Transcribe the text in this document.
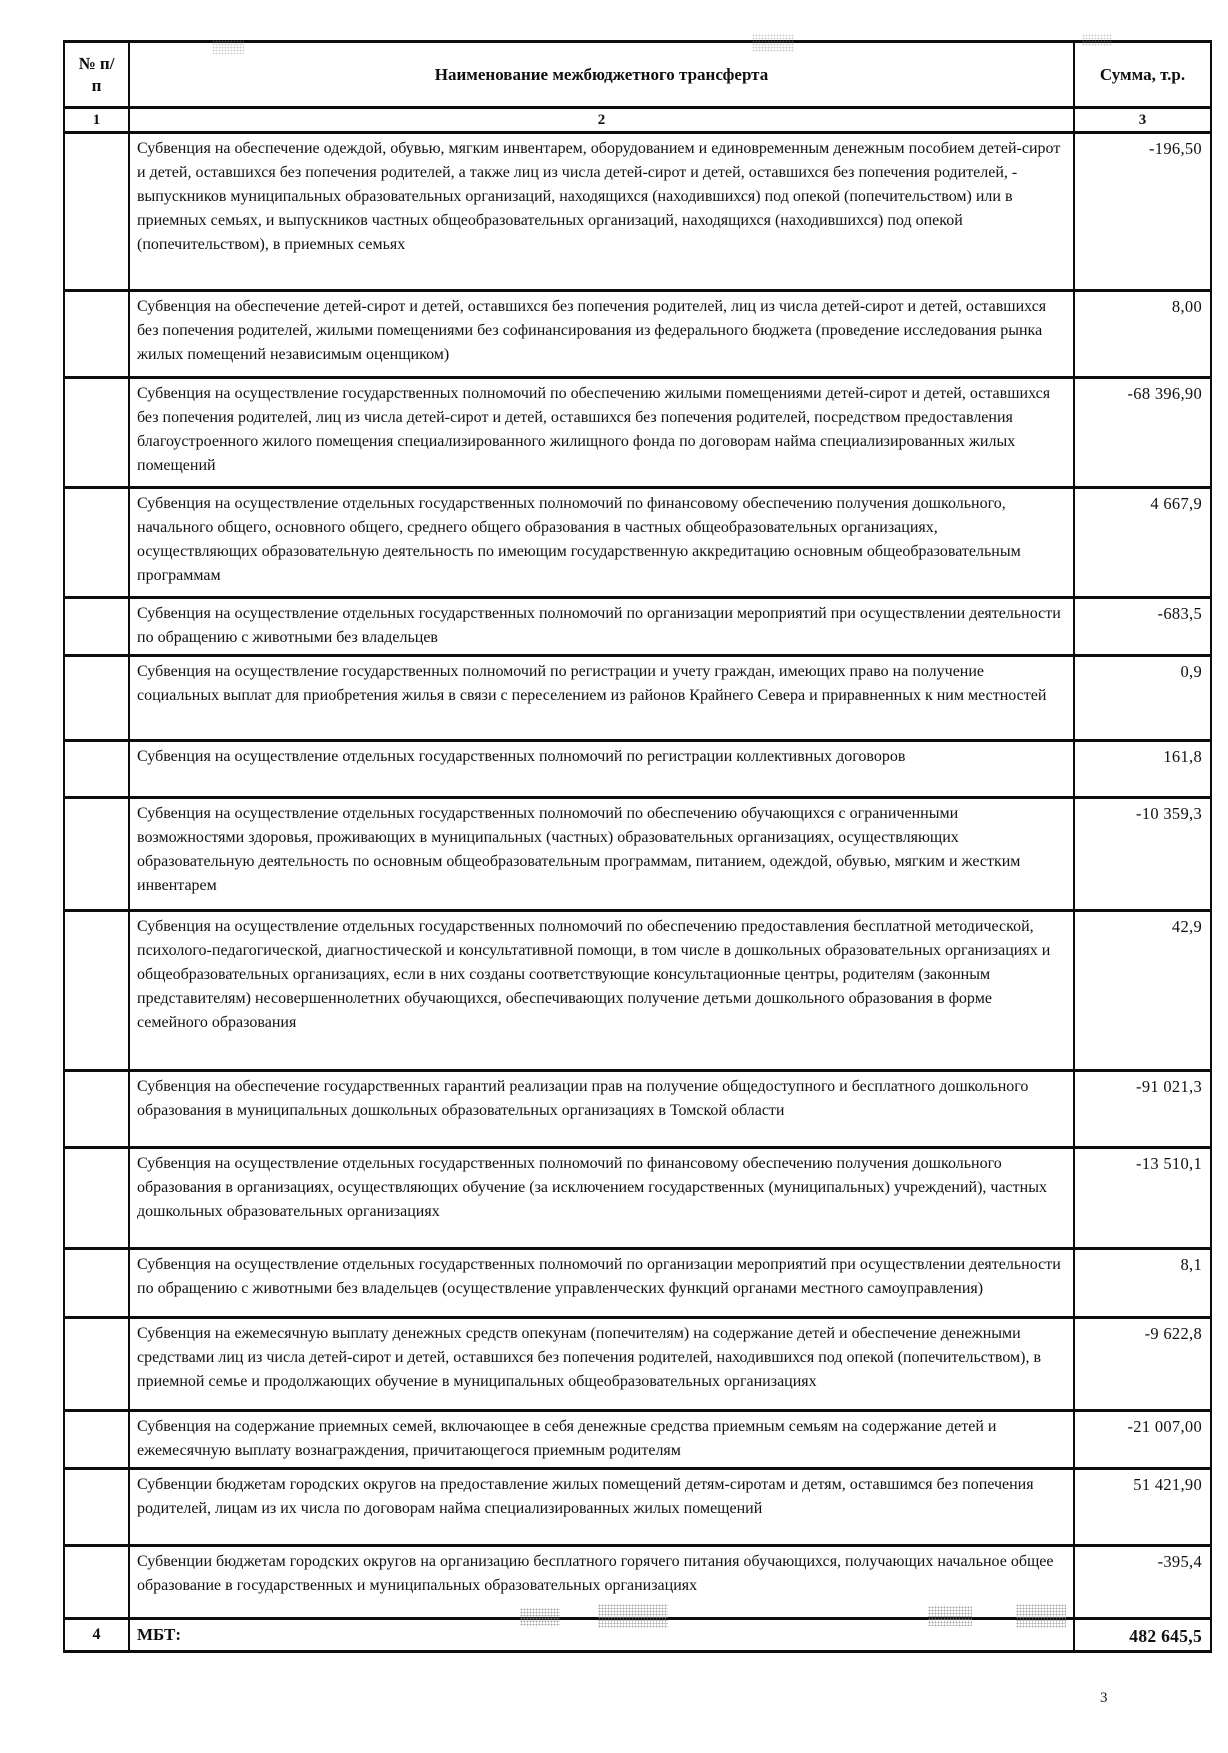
№ п/п	Наименование межбюджетного трансферта	Сумма, т.р.
1	2	3
	Субвенция на обеспечение одеждой, обувью, мягким инвентарем, оборудованием и единовременным денежным пособием детей-сирот и детей, оставшихся без попечения родителей, а также лиц из числа детей-сирот и детей, оставшихся без попечения родителей, - выпускников муниципальных образовательных организаций, находящихся (находившихся) под опекой (попечительством) или в приемных семьях, и выпускников частных общеобразовательных организаций, находящихся (находившихся) под опекой (попечительством), в приемных семьях	-196,50
	Субвенция на обеспечение детей-сирот и детей, оставшихся без попечения родителей, лиц из числа детей-сирот и детей, оставшихся без попечения родителей, жилыми помещениями без софинансирования из федерального бюджета (проведение исследования рынка жилых помещений независимым оценщиком)	8,00
	Субвенция на осуществление государственных полномочий по обеспечению жилыми помещениями детей-сирот и детей, оставшихся без попечения родителей, лиц из числа детей-сирот и детей, оставшихся без попечения родителей, посредством предоставления благоустроенного жилого помещения специализированного жилищного фонда по договорам найма специализированных жилых помещений	-68 396,90
	Субвенция на осуществление отдельных государственных полномочий по финансовому обеспечению получения дошкольного, начального общего, основного общего, среднего общего образования в частных общеобразовательных организациях, осуществляющих образовательную деятельность по имеющим государственную аккредитацию основным общеобразовательным программам	4 667,9
	Субвенция на осуществление отдельных государственных полномочий по организации мероприятий при осуществлении деятельности по обращению с животными без владельцев	-683,5
	Субвенция на осуществление государственных полномочий по регистрации и учету граждан, имеющих право на получение социальных выплат для приобретения жилья в связи с переселением из районов Крайнего Севера и приравненных к ним местностей	0,9
	Субвенция на осуществление отдельных государственных полномочий по регистрации коллективных договоров	161,8
	Субвенция на осуществление отдельных государственных полномочий по обеспечению обучающихся с ограниченными возможностями здоровья, проживающих в муниципальных (частных) образовательных организациях, осуществляющих образовательную деятельность по основным общеобразовательным программам, питанием, одеждой, обувью, мягким и жестким инвентарем	-10 359,3
	Субвенция на осуществление отдельных государственных полномочий по обеспечению предоставления бесплатной методической, психолого-педагогической, диагностической и консультативной помощи, в том числе в дошкольных образовательных организациях и общеобразовательных организациях, если в них созданы соответствующие консультационные центры, родителям (законным представителям) несовершеннолетних обучающихся, обеспечивающих получение детьми дошкольного образования в форме семейного образования	42,9
	Субвенция на обеспечение государственных гарантий реализации прав на получение общедоступного и бесплатного дошкольного образования в муниципальных дошкольных образовательных организациях в Томской области	-91 021,3
	Субвенция на осуществление отдельных государственных полномочий по финансовому обеспечению получения дошкольного образования в организациях, осуществляющих обучение (за исключением государственных (муниципальных) учреждений), частных дошкольных образовательных организациях	-13 510,1
	Субвенция на осуществление отдельных государственных полномочий по организации мероприятий при осуществлении деятельности по обращению с животными без владельцев (осуществление управленческих функций органами местного самоуправления)	8,1
	Субвенция на ежемесячную выплату денежных средств опекунам (попечителям) на содержание детей и обеспечение денежными средствами лиц из числа детей-сирот и детей, оставшихся без попечения родителей, находившихся под опекой (попечительством), в приемной семье и продолжающих обучение в муниципальных общеобразовательных организациях	-9 622,8
	Субвенция на содержание приемных семей, включающее в себя денежные средства приемным семьям на содержание детей и ежемесячную выплату вознаграждения, причитающегося приемным родителям	-21 007,00
	Субвенции бюджетам городских округов на предоставление жилых помещений детям-сиротам и детям, оставшимся без попечения родителей, лицам из их числа по договорам найма специализированных жилых помещений	51 421,90
	Субвенции бюджетам городских округов на организацию бесплатного горячего питания обучающихся, получающих начальное общее образование в государственных и муниципальных образовательных организациях	-395,4
4	МБТ:	482 645,5
3
